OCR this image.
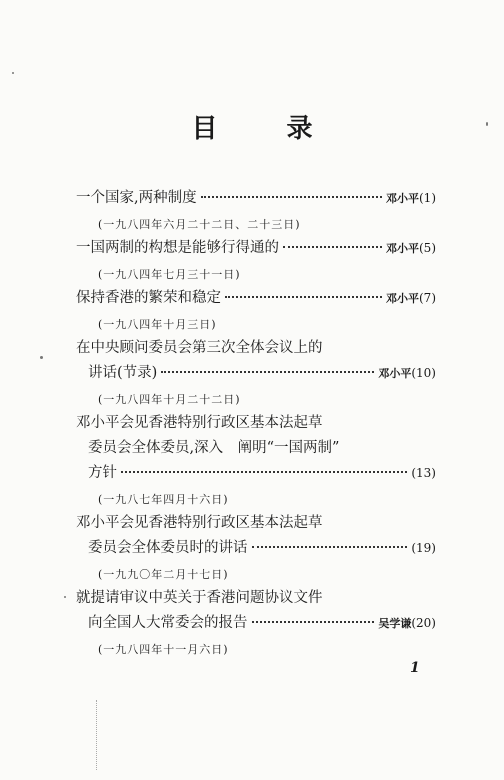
目 录
一个国家,两种制度	邓小平 (1)
(一九八四年六月二十二日、二十三日)
一国两制的构想是能够行得通的	邓小平 (5)
(一九八四年七月三十一日)
保持香港的繁荣和稳定	邓小平 (7)
(一九八四年十月三日)
在中央顾问委员会第三次全体会议上的
讲话(节录)	邓小平 (10)
(一九八四年十月二十二日)
邓小平会见香港特别行政区基本法起草
委员会全体委员,深入　阐明“一国两制”
方针	(13)
(一九八七年四月十六日)
邓小平会见香港特别行政区基本法起草
委员会全体委员时的讲话	(19)
(一九九〇年二月十七日)
就提请审议中英关于香港问题协议文件
向全国人大常委会的报告	吴学谦 (20)
(一九八四年十一月六日)
1
